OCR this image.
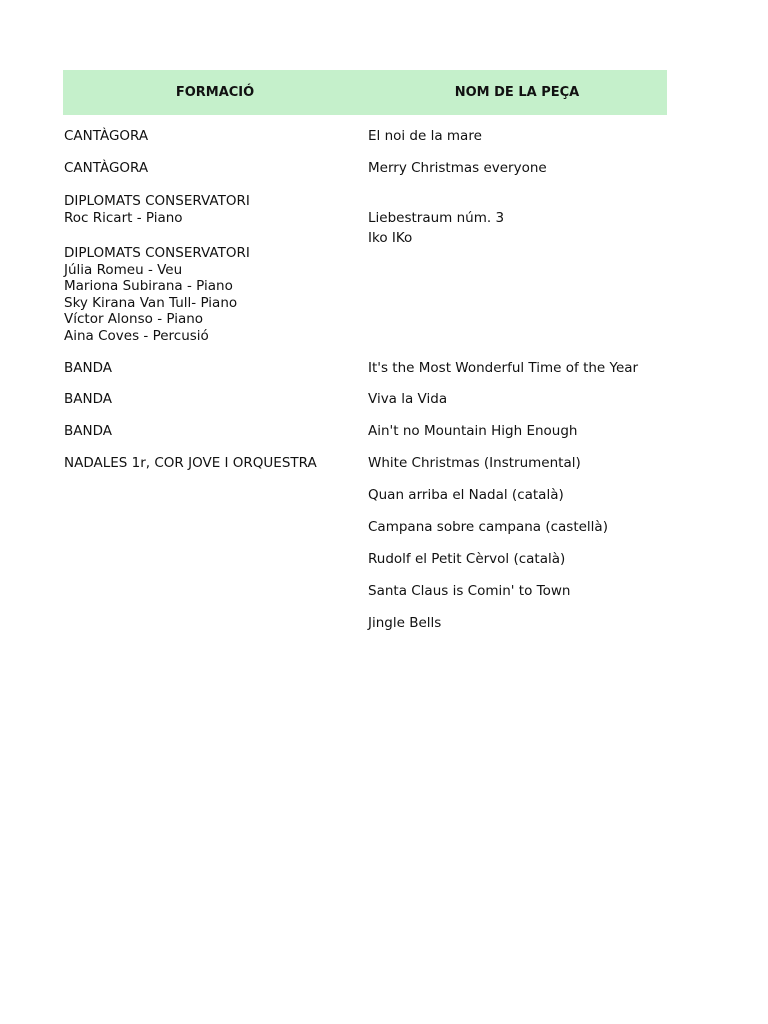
FORMACIÓ	NOM DE LA PEÇA
CANTÀGORA
CANTÀGORA
DIPLOMATS CONSERVATORI
Roc Ricart - Piano
DIPLOMATS CONSERVATORI
Júlia Romeu - Veu
Mariona Subirana - Piano
Sky Kirana Van Tull- Piano
Víctor Alonso - Piano
Aina Coves - Percusió
BANDA
BANDA
BANDA
NADALES 1r, COR JOVE I ORQUESTRA
El noi de la mare
Merry Christmas everyone
Liebestraum núm. 3
Iko IKo
It's the Most Wonderful Time of the Year
Viva la Vida
Ain't no Mountain High Enough
White Christmas (Instrumental)
Quan arriba el Nadal (català)
Campana sobre campana (castellà)
Rudolf el Petit Cèrvol (català)
Santa Claus is Comin' to Town
Jingle Bells
